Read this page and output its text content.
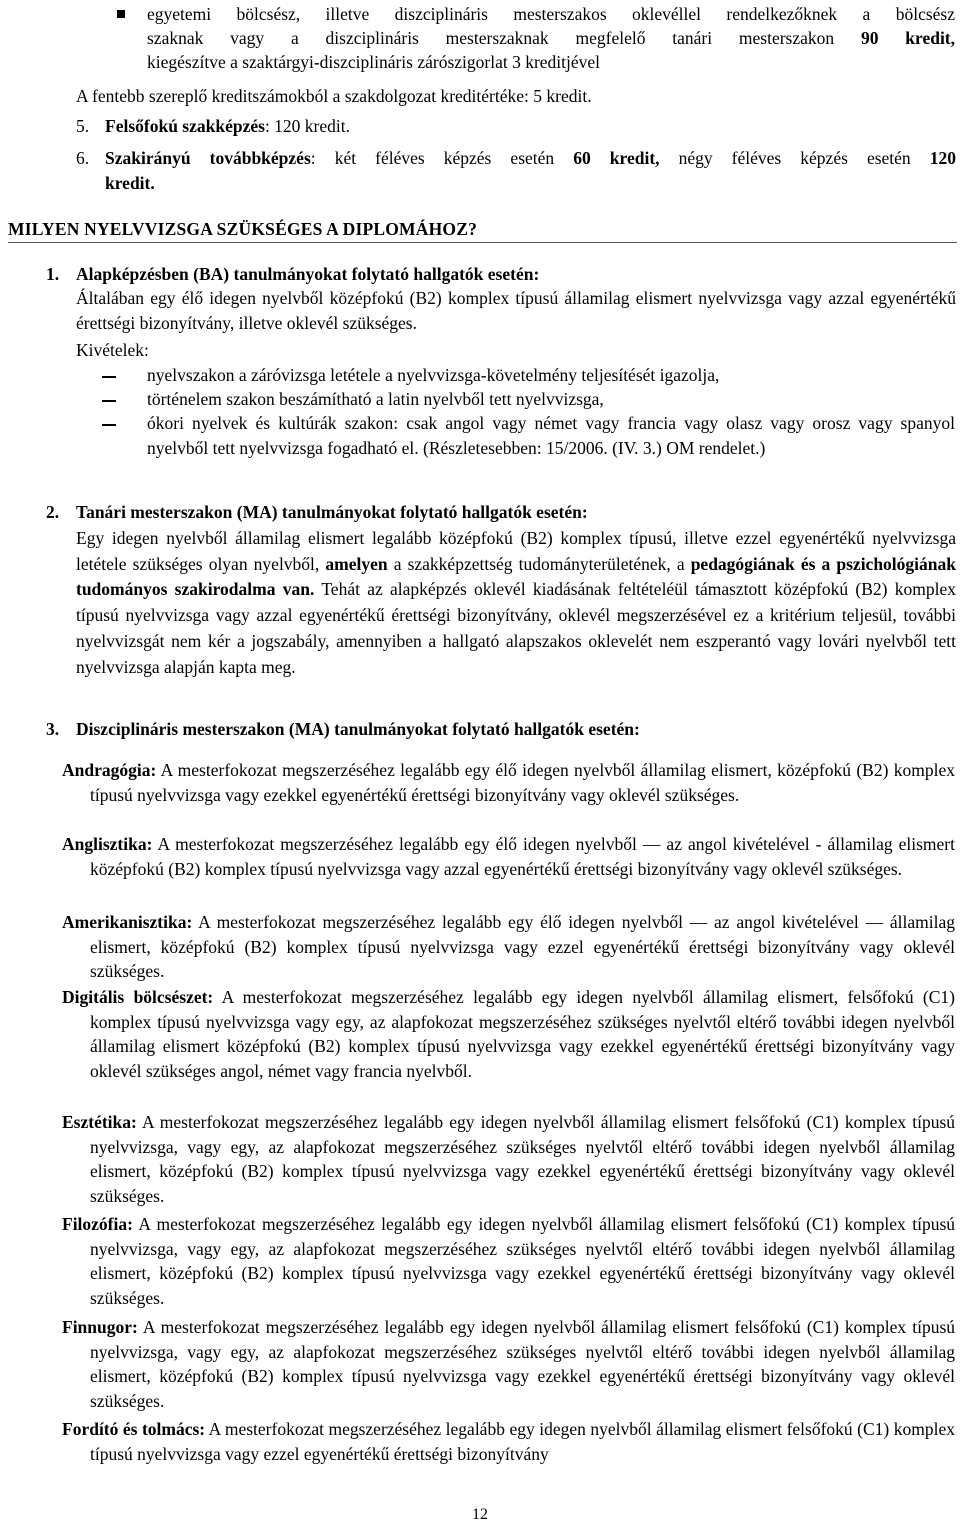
egyetemi bölcsész, illetve diszciplináris mesterszakos oklevéllel rendelkezőknek a bölcsész
szaknak vagy a diszciplináris mesterszaknak megfelelő tanári mesterszakon 90 kredit,
kiegészítve a szaktárgyi-diszciplináris zárószigorlat 3 kreditjével
A fentebb szereplő kreditszámokból a szakdolgozat kreditértéke: 5 kredit.
5. Felsőfokú szakképzés: 120 kredit.
6. Szakirányú továbbképzés: két féléves képzés esetén 60 kredit, négy féléves képzés esetén 120
kredit.
MILYEN NYELVVIZSGA SZÜKSÉGES A DIPLOMÁHOZ?
1. Alapképzésben (BA) tanulmányokat folytató hallgatók esetén:
Általában egy élő idegen nyelvből középfokú (B2) komplex típusú államilag elismert nyelvvizsga vagy azzal egyenértékű érettségi bizonyítvány, illetve oklevél szükséges.
Kivételek:
nyelvszakon a záróvizsga letétele a nyelvvizsga-követelmény teljesítését igazolja,
történelem szakon beszámítható a latin nyelvből tett nyelvvizsga,
ókori nyelvek és kultúrák szakon: csak angol vagy német vagy francia vagy olasz vagy orosz vagy spanyol nyelvből tett nyelvvizsga fogadható el. (Részletesebben: 15/2006. (IV. 3.) OM rendelet.)
2. Tanári mesterszakon (MA) tanulmányokat folytató hallgatók esetén:
Egy idegen nyelvből államilag elismert legalább középfokú (B2) komplex típusú, illetve ezzel egyenértékű nyelvvizsga letétele szükséges olyan nyelvből, amelyen a szakképzettség tudományterületének, a pedagógiának és a pszichológiának tudományos szakirodalma van. Tehát az alapképzés oklevél kiadásának feltételéül támasztott középfokú (B2) komplex típusú nyelvvizsga vagy azzal egyenértékű érettségi bizonyítvány, oklevél megszerzésével ez a kritérium teljesül, további nyelvvizsgát nem kér a jogszabály, amennyiben a hallgató alapszakos oklevelét nem eszperantó vagy lovári nyelvből tett nyelvvizsga alapján kapta meg.
3. Diszciplináris mesterszakon (MA) tanulmányokat folytató hallgatók esetén:
Andragógia: A mesterfokozat megszerzéséhez legalább egy élő idegen nyelvből államilag elismert, középfokú (B2) komplex típusú nyelvvizsga vagy ezekkel egyenértékű érettségi bizonyítvány vagy oklevél szükséges.
Anglisztika: A mesterfokozat megszerzéséhez legalább egy élő idegen nyelvből — az angol kivételével - államilag elismert középfokú (B2) komplex típusú nyelvvizsga vagy azzal egyenértékű érettségi bizonyítvány vagy oklevél szükséges.
Amerikanisztika: A mesterfokozat megszerzéséhez legalább egy élő idegen nyelvből — az angol kivételével — államilag elismert, középfokú (B2) komplex típusú nyelvvizsga vagy ezzel egyenértékű érettségi bizonyítvány vagy oklevél szükséges.
Digitális bölcsészet: A mesterfokozat megszerzéséhez legalább egy idegen nyelvből államilag elismert, felsőfokú (C1) komplex típusú nyelvvizsga vagy egy, az alapfokozat megszerzéséhez szükséges nyelvtől eltérő további idegen nyelvből államilag elismert középfokú (B2) komplex típusú nyelvvizsga vagy ezekkel egyenértékű érettségi bizonyítvány vagy oklevél szükséges angol, német vagy francia nyelvből.
Esztétika: A mesterfokozat megszerzéséhez legalább egy idegen nyelvből államilag elismert felsőfokú (C1) komplex típusú nyelvvizsga, vagy egy, az alapfokozat megszerzéséhez szükséges nyelvtől eltérő további idegen nyelvből államilag elismert, középfokú (B2) komplex típusú nyelvvizsga vagy ezekkel egyenértékű érettségi bizonyítvány vagy oklevél szükséges.
Filozófia: A mesterfokozat megszerzéséhez legalább egy idegen nyelvből államilag elismert felsőfokú (C1) komplex típusú nyelvvizsga, vagy egy, az alapfokozat megszerzéséhez szükséges nyelvtől eltérő további idegen nyelvből államilag elismert, középfokú (B2) komplex típusú nyelvvizsga vagy ezekkel egyenértékű érettségi bizonyítvány vagy oklevél szükséges.
Finnugor: A mesterfokozat megszerzéséhez legalább egy idegen nyelvből államilag elismert felsőfokú (C1) komplex típusú nyelvvizsga, vagy egy, az alapfokozat megszerzéséhez szükséges nyelvtől eltérő további idegen nyelvből államilag elismert, középfokú (B2) komplex típusú nyelvvizsga vagy ezekkel egyenértékű érettségi bizonyítvány vagy oklevél szükséges.
Fordító és tolmács: A mesterfokozat megszerzéséhez legalább egy idegen nyelvből államilag elismert felsőfokú (C1) komplex típusú nyelvvizsga vagy ezzel egyenértékű érettségi bizonyítvány
12
